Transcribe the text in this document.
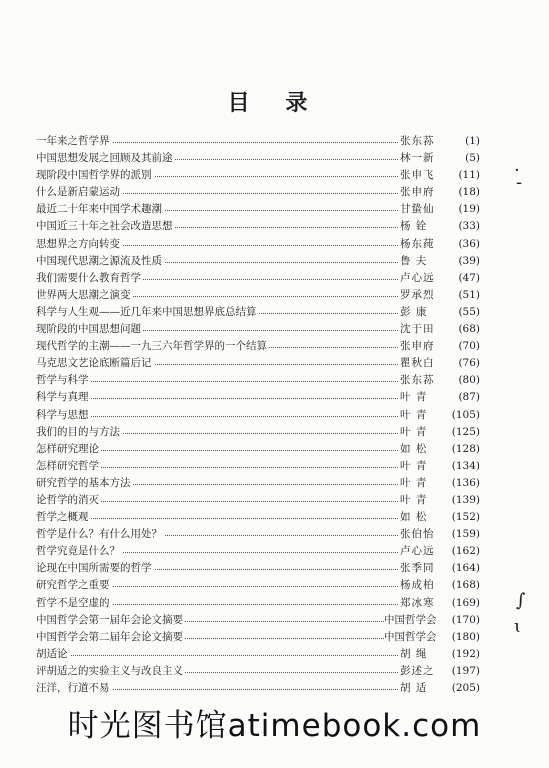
目 录
一年来之哲学界	张东荪	(1)
中国思想发展之回顾及其前途	林一新	(5)
现阶段中国哲学界的派别	张申飞 (11)
什么是新启蒙运动	张申府 (18)
最近二十年来中国学术趣潮	甘蛰仙 (19)
中国近三十年之社会改造思想	杨 铨	(33)
思想界之方向转变	杨东莼 (36)
中国现代思潮之源流及性质	鲁 夫	(39)
我们需要什么教育哲学	卢心远 (47)
世界两大思潮之演变	罗承烈 (51)
科学与人生观——近几年来中国思想界底总结算	彭 康	(55)
现阶段的中国思想问题	沈于田 (68)
现代哲学的主潮——一九三六年哲学界的一个结算	张申府 (70)
马克思文艺论底断篇后记	瞿秋白 (76)
哲学与科学	张东荪 (80)
科学与真理	叶 青	(87)
科学与思想	叶 青 (105)
我们的目的与方法	叶 青 (125)
怎样研究理论	如 松 (128)
怎样研究哲学	叶 青 (134)
研究哲学的基本方法	叶 青 (136)
论哲学的消灭	叶 青 (139)
哲学之概观	如 松 (152)
哲学是什么？有什么用处？	张伯怡 (159)
哲学究竟是什么？	卢心远 (162)
论现在中国所需要的哲学	张季同 (164)
研究哲学之重要	杨成柏 (168)
哲学不是空虚的	郑冰寒 (169)
中国哲学会第一届年会论文摘要	中国哲学会 (170)
中国哲学会第二届年会论文摘要	中国哲学会 (180)
胡适论	胡 绳 (192)
评胡适之的实验主义与改良主义	彭述之 (197)
汪洋，行道不易	胡 适 (205)
·
-
∫
ɩ
时光图书馆atimebook.com
